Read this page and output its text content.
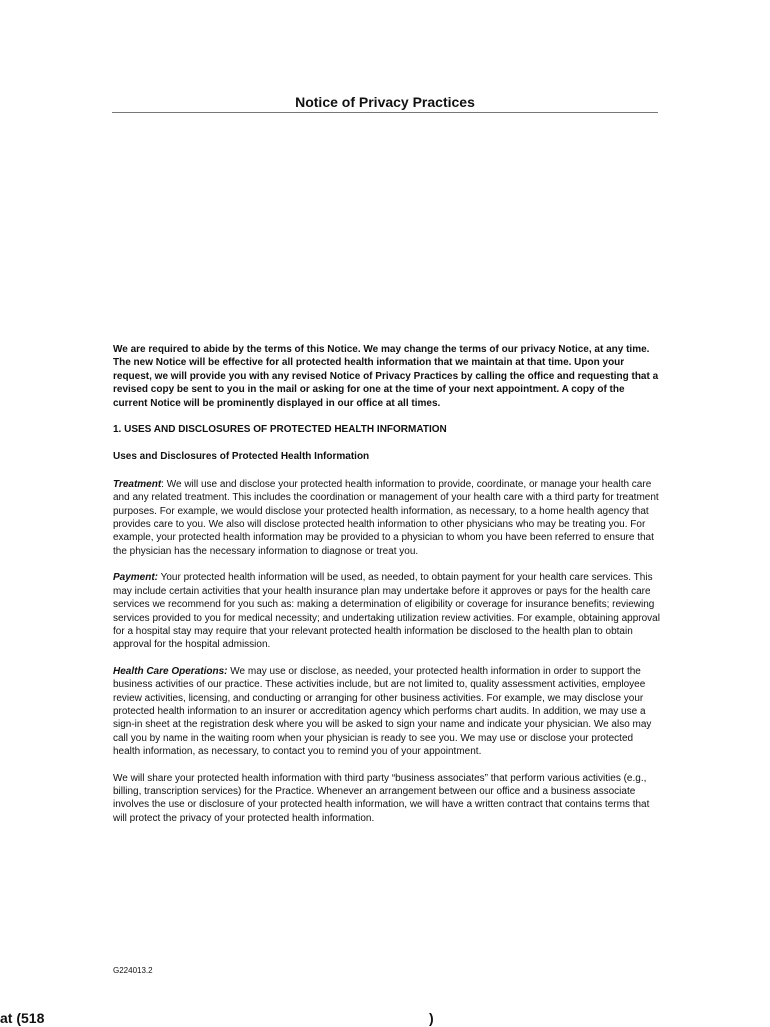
Notice of Privacy Practices

We are required to abide by the terms of this Notice. We may change the terms of our privacy Notice, at any time. The new Notice will be effective for all protected health information that we maintain at that time. Upon your request, we will provide you with any revised Notice of Privacy Practices by calling the office and requesting that a revised copy be sent to you in the mail or asking for one at the time of your next appointment. A copy of the current Notice will be prominently displayed in our office at all times.

1. USES AND DISCLOSURES OF PROTECTED HEALTH INFORMATION

Uses and Disclosures of Protected Health Information

Treatment: We will use and disclose your protected health information to provide, coordinate, or manage your health care and any related treatment. This includes the coordination or management of your health care with a third party for treatment purposes. For example, we would disclose your protected health information, as necessary, to a home health agency that provides care to you. We also will disclose protected health information to other physicians who may be treating you. For example, your protected health information may be provided to a physician to whom you have been referred to ensure that the physician has the necessary information to diagnose or treat you.

Payment: Your protected health information will be used, as needed, to obtain payment for your health care services. This may include certain activities that your health insurance plan may undertake before it approves or pays for the health care services we recommend for you such as: making a determination of eligibility or coverage for insurance benefits; reviewing services provided to you for medical necessity; and undertaking utilization review activities. For example, obtaining approval for a hospital stay may require that your relevant protected health information be disclosed to the health plan to obtain approval for the hospital admission.

Health Care Operations: We may use or disclose, as needed, your protected health information in order to support the business activities of our practice. These activities include, but are not limited to, quality assessment activities, employee review activities, licensing, and conducting or arranging for other business activities. For example, we may disclose your protected health information to an insurer or accreditation agency which performs chart audits. In addition, we may use a sign-in sheet at the registration desk where you will be asked to sign your name and indicate your physician. We also may call you by name in the waiting room when your physician is ready to see you. We may use or disclose your protected health information, as necessary, to contact you to remind you of your appointment.

We will share your protected health information with third party “business associates” that perform various activities (e.g., billing, transcription services) for the Practice. Whenever an arrangement between our office and a business associate involves the use or disclosure of your protected health information, we will have a written contract that contains terms that will protect the privacy of your protected health information.

G224013.2
at (518	)
